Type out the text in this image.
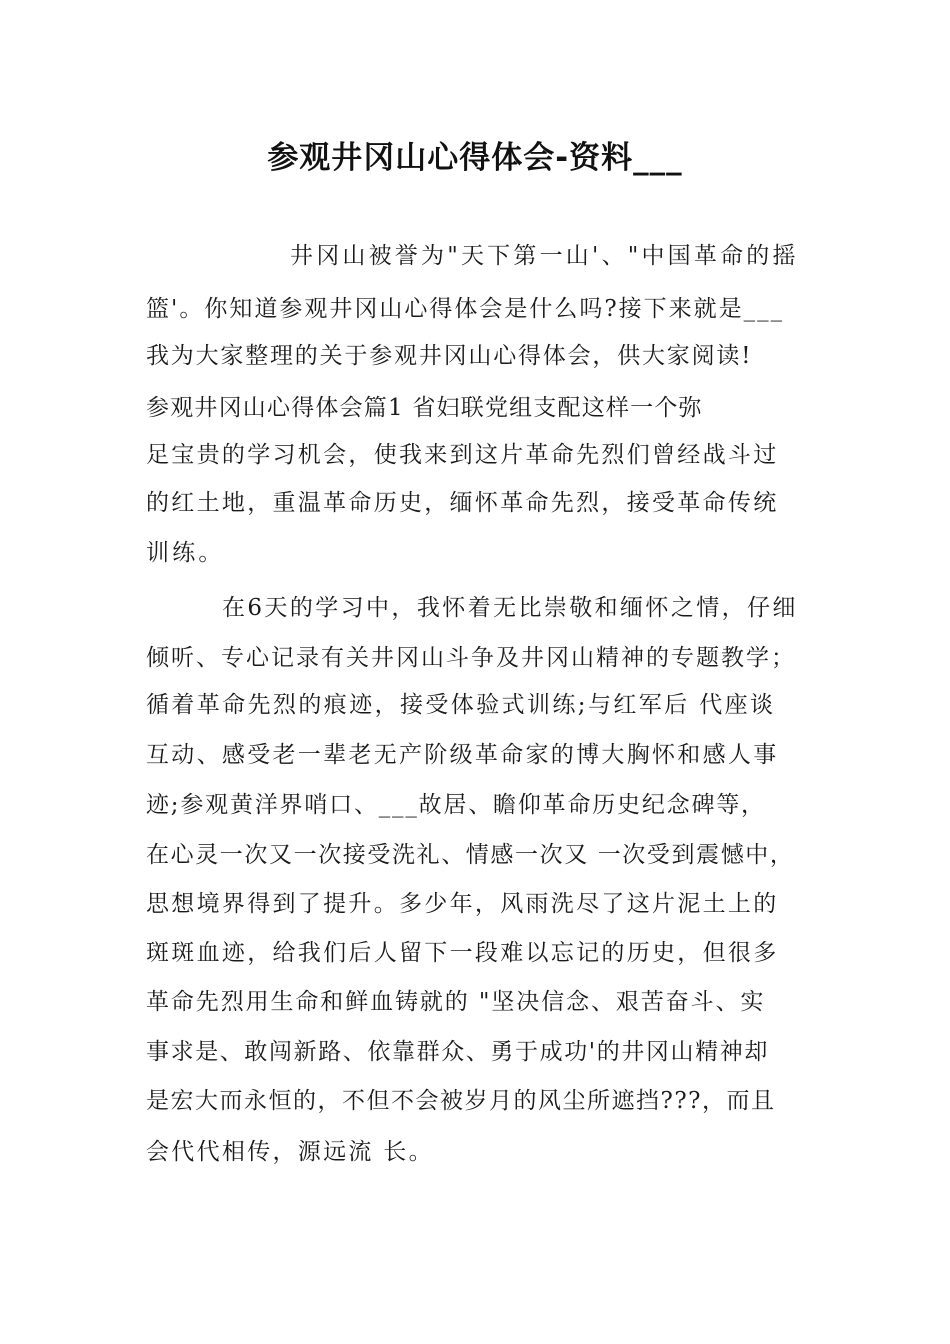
参观井冈山心得体会-资料___
井冈山被誉为"天下第一山'、"中国革命的摇
篮'。你知道参观井冈山心得体会是什么吗?接下来就是___
我为大家整理的关于参观井冈山心得体会，供大家阅读!
参观井冈山心得体会篇1 省妇联党组支配这样一个弥
足宝贵的学习机会，使我来到这片革命先烈们曾经战斗过
的红土地，重温革命历史，缅怀革命先烈，接受革命传统
训练。
在6天的学习中，我怀着无比崇敬和缅怀之情，仔细
倾听、专心记录有关井冈山斗争及井冈山精神的专题教学；
循着革命先烈的痕迹，接受体验式训练;与红军后 代座谈
互动、感受老一辈老无产阶级革命家的博大胸怀和感人事
迹;参观黄洋界哨口、___故居、瞻仰革命历史纪念碑等，
在心灵一次又一次接受洗礼、情感一次又 一次受到震憾中，
思想境界得到了提升。多少年，风雨洗尽了这片泥土上的
斑斑血迹，给我们后人留下一段难以忘记的历史，但很多
革命先烈用生命和鲜血铸就的 "坚决信念、艰苦奋斗、实
事求是、敢闯新路、依靠群众、勇于成功'的井冈山精神却
是宏大而永恒的，不但不会被岁月的风尘所遮挡???，而且
会代代相传，源远流 长。
